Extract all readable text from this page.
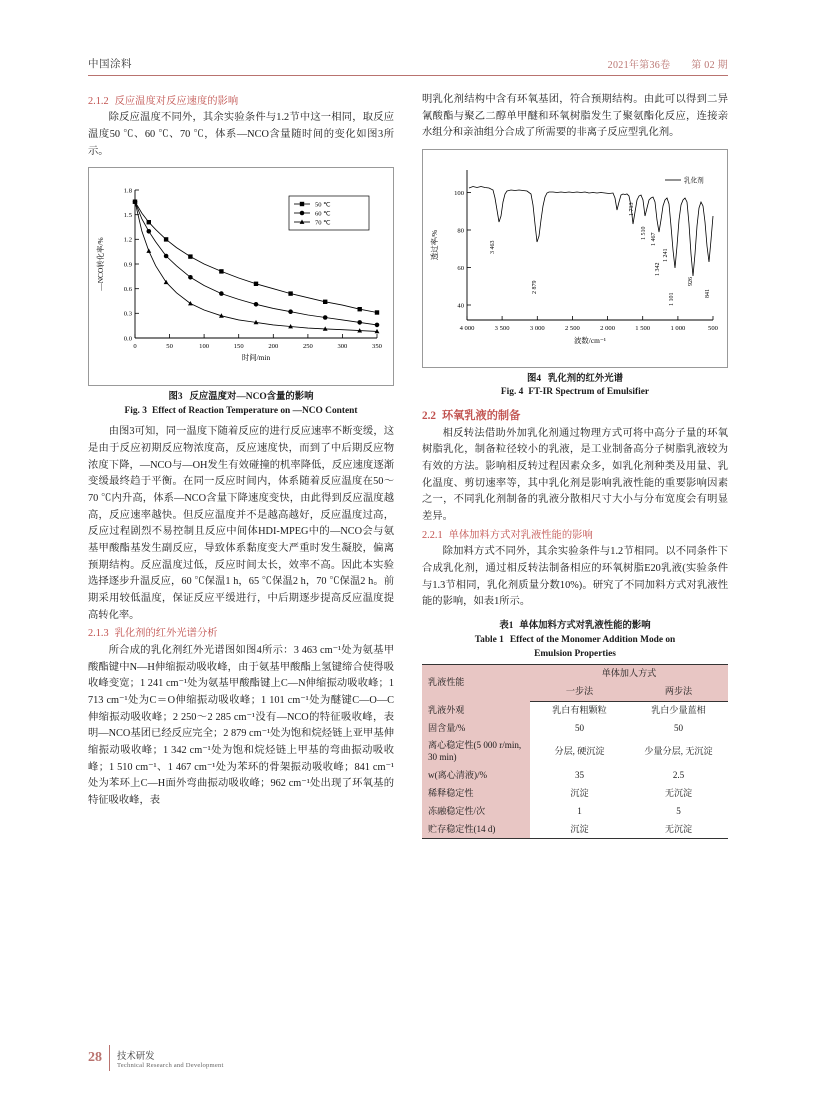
中国涂料	2021年第36卷 第 02 期
2.1.2 反应温度对反应速度的影响

除反应温度不同外，其余实验条件与1.2节中这一相同，取反应温度50 ℃、60 ℃、70 ℃，体系—NCO含量随时间的变化如图3所示。

0.0
0.3
0.6
0.9
1.2
1.5
1.8
0	50	100	150	200	250	300	350
时间/min
—NCO转化率/%
50 ℃
60 ℃
70 ℃
图3 反应温度对—NCO含量的影响
Fig. 3 Effect of Reaction Temperature on —NCO Content

由图3可知，同一温度下随着反应的进行反应速率不断变缓，这是由于反应初期反应物浓度高，反应速度快，而到了中后期反应物浓度下降，—NCO与—OH发生有效碰撞的机率降低，反应速度逐渐变缓最终趋于平衡。在同一反应时间内，体系随着反应温度在50～70 ℃内升高，体系—NCO含量下降速度变快，由此得到反应温度越高，反应速率越快。但反应温度并不是越高越好，反应温度过高，反应过程剧烈不易控制且反应中间体HDI-MPEG中的—NCO会与氨基甲酸酯基发生副反应，导致体系黏度变大严重时发生凝胶，偏离预期结构。反应温度过低，反应时间太长，效率不高。因此本实验选择逐步升温反应，60 ℃保温1 h，65 ℃保温2 h，70 ℃保温2 h。前期采用较低温度，保证反应平缓进行，中后期逐步提高反应温度提高转化率。

2.1.3 乳化剂的红外光谱分析

所合成的乳化剂红外光谱图如图4所示：3 463 cm⁻¹处为氨基甲酸酯键中N—H伸缩振动吸收峰，由于氨基甲酸酯上氢键缔合使得吸收峰变宽；1 241 cm⁻¹处为氨基甲酸酯键上C—N伸缩振动吸收峰；1 713 cm⁻¹处为C＝O伸缩振动吸收峰；1 101 cm⁻¹处为醚键C—O—C伸缩振动吸收峰；2 250～2 285 cm⁻¹没有—NCO的特征吸收峰，表明—NCO基团已经反应完全；2 879 cm⁻¹处为饱和烷烃链上亚甲基伸缩振动吸收峰；1 342 cm⁻¹处为饱和烷烃链上甲基的弯曲振动吸收峰；1 510 cm⁻¹、1 467 cm⁻¹处为苯环的骨架振动吸收峰；841 cm⁻¹处为苯环上C—H面外弯曲振动吸收峰；962 cm⁻¹处出现了环氧基的特征吸收峰，表

明乳化剂结构中含有环氧基团，符合预期结构。由此可以得到二异氰酸酯与聚乙二醇单甲醚和环氧树脂发生了聚氨酯化反应，连接亲水组分和亲油组分合成了所需要的非离子反应型乳化剂。

40
60
80
100
4 000	3 500	3 000	2 500	2 000	1 500	1 000	500
波数/cm⁻¹
透过率/%
乳化剂
3 463
2 879
1 713
1 510 1 467
1 342
1 241
1 101
926
841
图4 乳化剂的红外光谱
Fig. 4 FT-IR Spectrum of Emulsifier
2.2 环氧乳液的制备

相反转法借助外加乳化剂通过物理方式可将中高分子量的环氧树脂乳化，制备粒径较小的乳液，是工业制备高分子树脂乳液较为有效的方法。影响相反转过程因素众多，如乳化剂种类及用量、乳化温度、剪切速率等，其中乳化剂是影响乳液性能的重要影响因素之一，不同乳化剂制备的乳液分散相尺寸大小与分布宽度会有明显差异。

2.2.1 单体加料方式对乳液性能的影响

除加料方式不同外，其余实验条件与1.2节相同。以不同条件下合成乳化剂，通过相反转法制备相应的环氧树脂E20乳液(实验条件与1.3节相同，乳化剂质量分数10%)。研究了不同加料方式对乳液性能的影响，如表1所示。

表1 单体加料方式对乳液性能的影响
Table 1 Effect of the Monomer Addition Mode on
Emulsion Properties
乳液性能	单体加人方式	
	一步法	两步法
乳液外观	乳白有粗颗粒	乳白少量蓝相
固含量/%	50	50
离心稳定性(5 000 r/min, 30 min)	分层, 硬沉淀	少量分层, 无沉淀
w(离心清液)/%	35	2.5
稀释稳定性	沉淀	无沉淀
冻融稳定性/次	1	5
贮存稳定性(14 d)	沉淀	无沉淀
28 技术研发
Technical Research and Development
